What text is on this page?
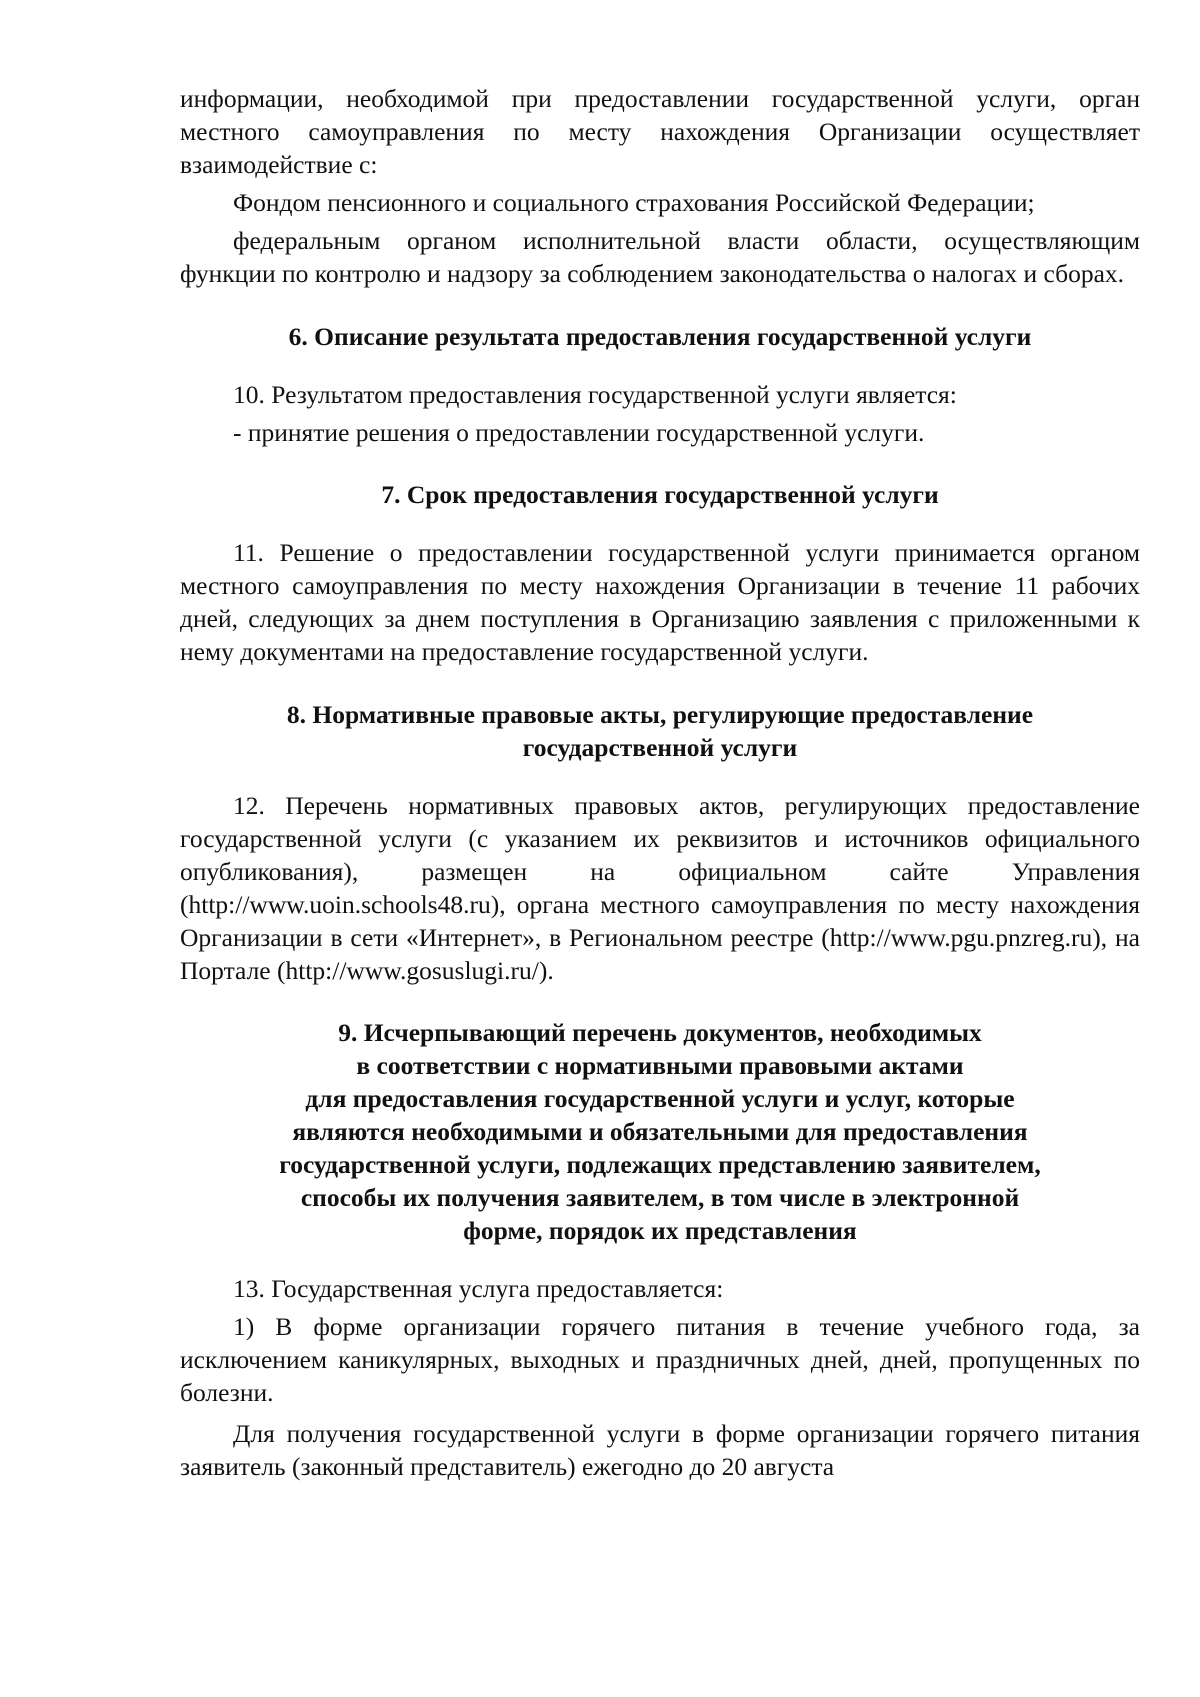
информации, необходимой при предоставлении государственной услуги, орган местного самоуправления по месту нахождения Организации осуществляет взаимодействие с:

Фондом пенсионного и социального страхования Российской Федерации;

федеральным органом исполнительной власти области, осуществляющим функции по контролю и надзору за соблюдением законодательства о налогах и сборах.

6. Описание результата предоставления государственной услуги

10. Результатом предоставления государственной услуги является:

- принятие решения о предоставлении государственной услуги.

7. Срок предоставления государственной услуги

11. Решение о предоставлении государственной услуги принимается органом местного самоуправления по месту нахождения Организации в течение 11 рабочих дней, следующих за днем поступления в Организацию заявления с приложенными к нему документами на предоставление государственной услуги.

8. Нормативные правовые акты, регулирующие предоставление
государственной услуги

12. Перечень нормативных правовых актов, регулирующих предоставление государственной услуги (с указанием их реквизитов и источников официального опубликования), размещен на официальном сайте Управления (http://www.uoin.schools48.ru), органа местного самоуправления по месту нахождения Организации в сети «Интернет», в Региональном реестре (http://www.pgu.pnzreg.ru), на Портале (http://www.gosuslugi.ru/).

9. Исчерпывающий перечень документов, необходимых
в соответствии с нормативными правовыми актами
для предоставления государственной услуги и услуг, которые
являются необходимыми и обязательными для предоставления
государственной услуги, подлежащих представлению заявителем,
способы их получения заявителем, в том числе в электронной
форме, порядок их представления

13. Государственная услуга предоставляется:

1) В форме организации горячего питания в течение учебного года, за исключением каникулярных, выходных и праздничных дней, дней, пропущенных по болезни.

Для получения государственной услуги в форме организации горячего питания заявитель (законный представитель) ежегодно до 20 августа
